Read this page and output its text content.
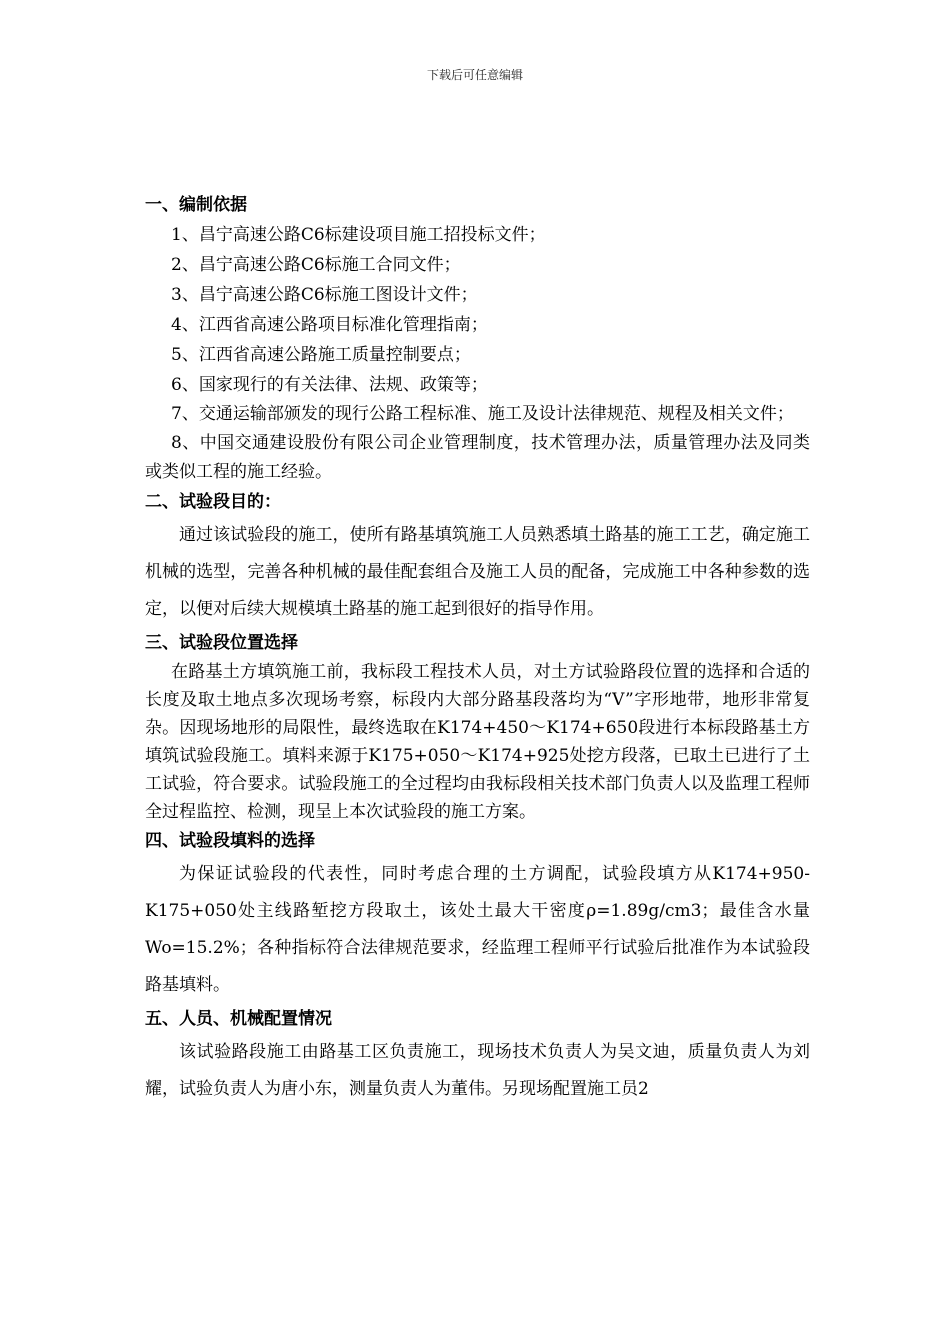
下载后可任意编辑
一、编制依据
1、昌宁高速公路C6标建设项目施工招投标文件；
2、昌宁高速公路C6标施工合同文件；
3、昌宁高速公路C6标施工图设计文件；
4、江西省高速公路项目标准化管理指南；
5、江西省高速公路施工质量控制要点；
6、国家现行的有关法律、法规、政策等；
7、交通运输部颁发的现行公路工程标准、施工及设计法律规范、规程及相关文件；
8、中国交通建设股份有限公司企业管理制度，技术管理办法，质量管理办法及同类或类似工程的施工经验。
二、试验段目的：
通过该试验段的施工，使所有路基填筑施工人员熟悉填土路基的施工工艺，确定施工机械的选型，完善各种机械的最佳配套组合及施工人员的配备，完成施工中各种参数的选定，以便对后续大规模填土路基的施工起到很好的指导作用。
三、试验段位置选择
在路基土方填筑施工前，我标段工程技术人员，对土方试验路段位置的选择和合适的长度及取土地点多次现场考察，标段内大部分路基段落均为“V”字形地带，地形非常复杂。因现场地形的局限性，最终选取在K174+450～K174+650段进行本标段路基土方填筑试验段施工。填料来源于K175+050～K174+925处挖方段落，已取土已进行了土工试验，符合要求。试验段施工的全过程均由我标段相关技术部门负责人以及监理工程师全过程监控、检测，现呈上本次试验段的施工方案。
四、试验段填料的选择
为保证试验段的代表性，同时考虑合理的土方调配，试验段填方从K174+950-K175+050处主线路堑挖方段取土，该处土最大干密度ρ=1.89g/cm3；最佳含水量Wo=15.2%；各种指标符合法律规范要求，经监理工程师平行试验后批准作为本试验段路基填料。
五、人员、机械配置情况
该试验路段施工由路基工区负责施工，现场技术负责人为吴文迪，质量负责人为刘耀，试验负责人为唐小东，测量负责人为董伟。另现场配置施工员2
